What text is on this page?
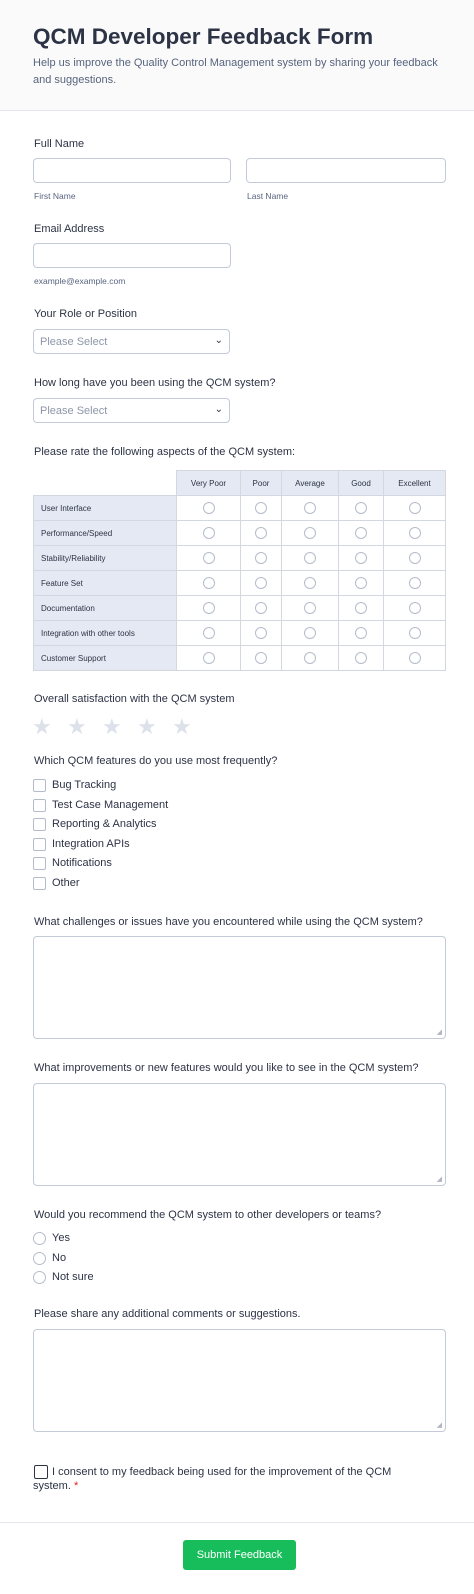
QCM Developer Feedback Form
Help us improve the Quality Control Management system by sharing your feedback and suggestions.
Full Name
First Name	Last Name
Email Address
example@example.com
Your Role or Position
Please Select	⌄
How long have you been using the QCM system?
Please Select	⌄
Please rate the following aspects of the QCM system:
	Very Poor	Poor	Average	Good	Excellent
User Interface					
Performance/Speed					
Stability/Reliability					
Feature Set					
Documentation					
Integration with other tools					
Customer Support					
Overall satisfaction with the QCM system
★ ★ ★ ★ ★
Which QCM features do you use most frequently?
Bug Tracking
Test Case Management
Reporting & Analytics
Integration APIs
Notifications
Other
What challenges or issues have you encountered while using the QCM system?
◢
What improvements or new features would you like to see in the QCM system?
◢
Would you recommend the QCM system to other developers or teams?
Yes
No
Not sure
Please share any additional comments or suggestions.
◢
I consent to my feedback being used for the improvement of the QCM system. *
Submit Feedback
